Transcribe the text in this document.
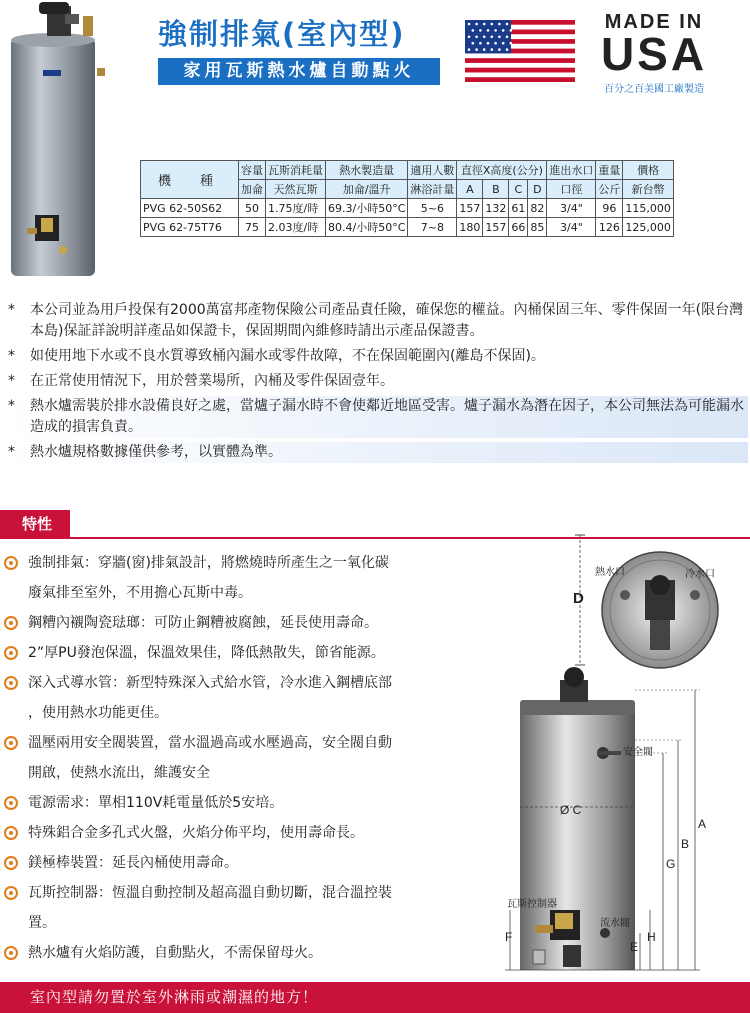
強制排氣(室內型)
家用瓦斯熱水爐自動點火
MADE IN
USA
百分之百美國工廠製造
機　種	容量	瓦斯消耗量	熱水製造量	適用人數	直徑X高度(公分)				進出水口	重量	價格
	加侖	天然瓦斯	加侖/溫升	淋浴計量	A	B	C	D	口徑	公斤	新台幣
PVG 62-50S62	50	1.75度/時	69.3/小時50°C	5~6	157	132	61	82	3/4"	96	115,000
PVG 62-75T76	75	2.03度/時	80.4/小時50°C	7~8	180	157	66	85	3/4"	126	125,000
* 本公司並為用戶投保有2000萬富邦產物保險公司產品責任險，確保您的權益。內桶保固三年、零件保固一年(限台灣本島)保証詳說明詳產品如保證卡，保固期間內維修時請出示產品保證書。
* 如使用地下水或不良水質導致桶內漏水或零件故障，不在保固範圍內(離島不保固)。
* 在正常使用情況下，用於營業場所，內桶及零件保固壹年。
* 熱水爐需裝於排水設備良好之處，當爐子漏水時不會使鄰近地區受害。爐子漏水為潛在因子，本公司無法為可能漏水造成的損害負責。
* 熱水爐規格數據僅供參考，以實體為準。
特性
強制排氣：穿牆(窗)排氣設計，將燃燒時所產生之一氧化碳
廢氣排至室外，不用擔心瓦斯中毒。
鋼糟內襯陶瓷琺瑯：可防止鋼糟被腐蝕，延長使用壽命。
2”厚PU發泡保溫，保溫效果佳，降低熱散失，節省能源。
深入式導水管：新型特殊深入式給水管，冷水進入鋼槽底部
，使用熱水功能更佳。
溫壓兩用安全閥裝置，當水溫過高或水壓過高，安全閥自動
開啟，使熱水流出，維護安全
電源需求：單相110V耗電量低於5安培。
特殊鋁合金多孔式火盤，火焰分佈平均，使用壽命長。
鎂極棒裝置：延長內桶使用壽命。
瓦斯控制器：恆溫自動控制及超高溫自動切斷，混合溫控裝
置。
熱水爐有火焰防護，自動點火，不需保留母火。
熱水口	冷水口
D
安全閥
Ø C
A
B
G
瓦斯控制器
流水閥
F
E
H
室內型請勿置於室外淋雨或潮濕的地方！
